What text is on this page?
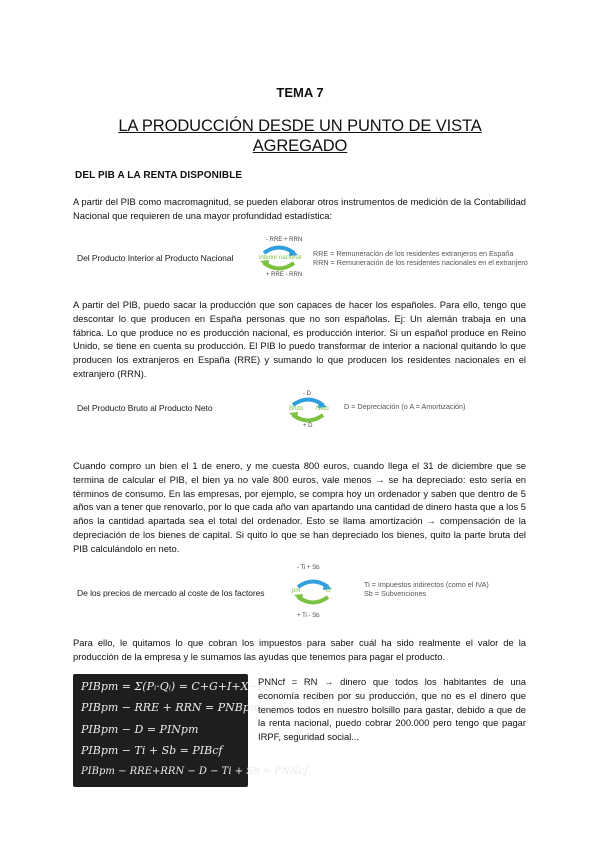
TEMA 7
LA PRODUCCIÓN DESDE UN PUNTO DE VISTA
AGREGADO
DEL PIB A LA RENTA DISPONIBLE
A partir del PIB como macromagnitud, se pueden elaborar otros instrumentos de medición de la Contabilidad Nacional que requieren de una mayor profundidad estadística:
Del Producto Interior al Producto Nacional
- RRE + RRN
interior nacional
+ RRE - RRN
RRE = Remuneración de los residentes extranjeros en España
RRN = Remuneración de los residentes nacionales en el extranjero
A partir del PIB, puedo sacar la producción que son capaces de hacer los españoles. Para ello, tengo que descontar lo que producen en España personas que no son españolas. Ej: Un alemán trabaja en una fábrica. Lo que produce no es producción nacional, es producción interior. Si un español produce en Reino Unido, se tiene en cuenta su producción. El PIB lo puedo transformar de interior a nacional quitando lo que producen los extranjeros en España (RRE) y sumando lo que producen los residentes nacionales en el extranjero (RRN).
Del Producto Bruto al Producto Neto
- D
Bruto Neto
+ D
D = Depreciación (o A = Amortización)
Cuando compro un bien el 1 de enero, y me cuesta 800 euros, cuando llega el 31 de diciembre que se termina de calcular el PIB, el bien ya no vale 800 euros, vale menos → se ha depreciado: esto sería en términos de consumo. En las empresas, por ejemplo, se compra hoy un ordenador y saben que dentro de 5 años van a tener que renovarlo, por lo que cada año van apartando una cantidad de dinero hasta que a los 5 años la cantidad apartada sea el total del ordenador. Esto se llama amortización → compensación de la depreciación de los bienes de capital. Si quito lo que se han depreciado los bienes, quito la parte bruta del PIB calculándolo en neto.
De los precios de mercado al coste de los factores
- Ti + Sb
pm	cf
+ Ti - Sb
Ti = Impuestos indirectos (como el IVA)
Sb = Subvenciones
Para ello, le quitamos lo que cobran los impuestos para saber cuál ha sido realmente el valor de la producción de la empresa y le sumamos las ayudas que tenemos para pagar el producto.
PIBpm = Σ(Pᵢ·Qᵢ) = C+G+I+X−M
PIBpm − RRE + RRN = PNBpm
PIBpm − D = PINpm
PIBpm − Ti + Sb = PIBcf
PIBpm − RRE+RRN − D − Ti + Sb = PNNcf
PNNcf = RN → dinero que todos los habitantes de una economía reciben por su producción, que no es el dinero que tenemos todos en nuestro bolsillo para gastar, debido a que de la renta nacional, puedo cobrar 200.000 pero tengo que pagar IRPF, seguridad social...
